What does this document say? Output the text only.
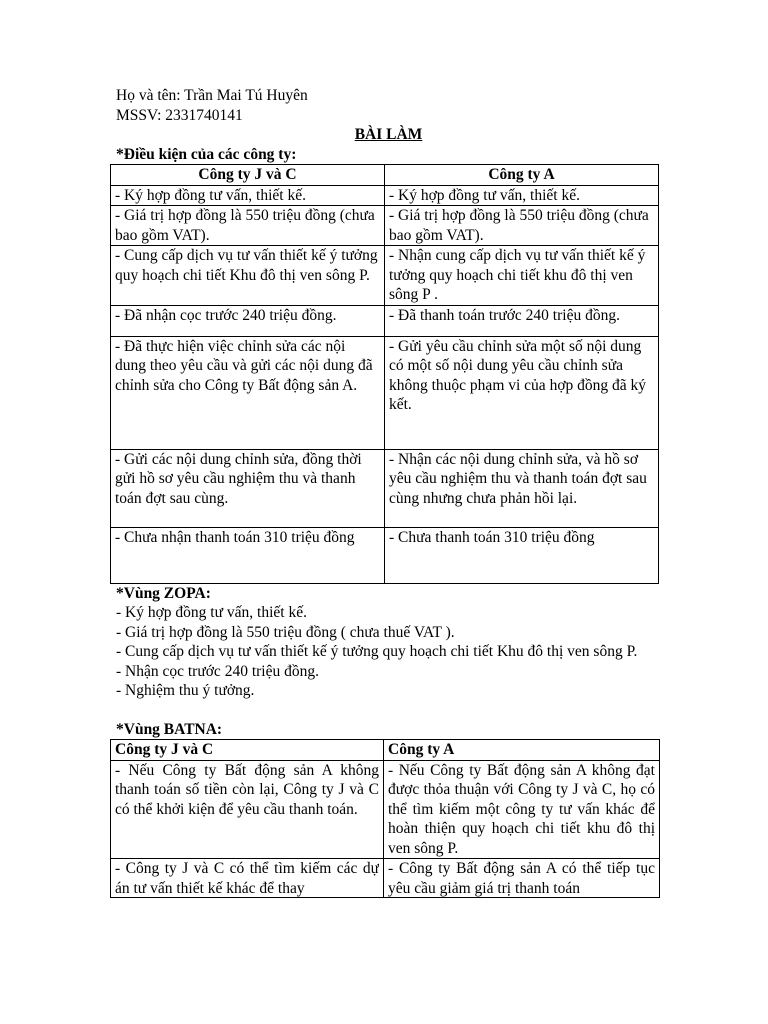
Họ và tên: Trần Mai Tú Huyên
MSSV: 2331740141
BÀI LÀM
*Điều kiện của các công ty:
Công ty J và C	Công ty A
- Ký hợp đồng tư vấn, thiết kế.	- Ký hợp đồng tư vấn, thiết kế.
- Giá trị hợp đồng là 550 triệu đồng (chưa bao gồm VAT).	- Giá trị hợp đồng là 550 triệu đồng (chưa bao gồm VAT).
- Cung cấp dịch vụ tư vấn thiết kế ý tưởng quy hoạch chi tiết Khu đô thị ven sông P.	- Nhận cung cấp dịch vụ tư vấn thiết kế ý tưởng quy hoạch chi tiết khu đô thị ven sông P .
- Đã nhận cọc trước 240 triệu đồng.	- Đã thanh toán trước 240 triệu đồng.
- Đã thực hiện việc chỉnh sửa các nội dung theo yêu cầu và gửi các nội dung đã chỉnh sửa cho Công ty Bất động sản A.	- Gửi yêu cầu chỉnh sửa một số nội dung có một số nội dung yêu cầu chỉnh sửa không thuộc phạm vi của hợp đồng đã ký kết.
- Gửi các nội dung chỉnh sửa, đồng thời gửi hồ sơ yêu cầu nghiệm thu và thanh toán đợt sau cùng.	- Nhận các nội dung chỉnh sửa, và hồ sơ yêu cầu nghiệm thu và thanh toán đợt sau cùng nhưng chưa phản hồi lại.
- Chưa nhận thanh toán 310 triệu đồng	- Chưa thanh toán 310 triệu đồng
*Vùng ZOPA:
- Ký hợp đồng tư vấn, thiết kế.
- Giá trị hợp đồng là 550 triệu đồng ( chưa thuế VAT ).
- Cung cấp dịch vụ tư vấn thiết kế ý tưởng quy hoạch chi tiết Khu đô thị ven sông P.
- Nhận cọc trước 240 triệu đồng.
- Nghiệm thu ý tưởng.
*Vùng BATNA:
Công ty J và C	Công ty A
- Nếu Công ty Bất động sản A không thanh toán số tiền còn lại, Công ty J và C có thể khởi kiện để yêu cầu thanh toán.	- Nếu Công ty Bất động sản A không đạt được thỏa thuận với Công ty J và C, họ có thể tìm kiếm một công ty tư vấn khác để hoàn thiện quy hoạch chi tiết khu đô thị ven sông P.

- Công ty J và C có thể tìm kiếm các dự án tư vấn thiết kế khác để thay	- Công ty Bất động sản A có thể tiếp tục yêu cầu giảm giá trị thanh toán
